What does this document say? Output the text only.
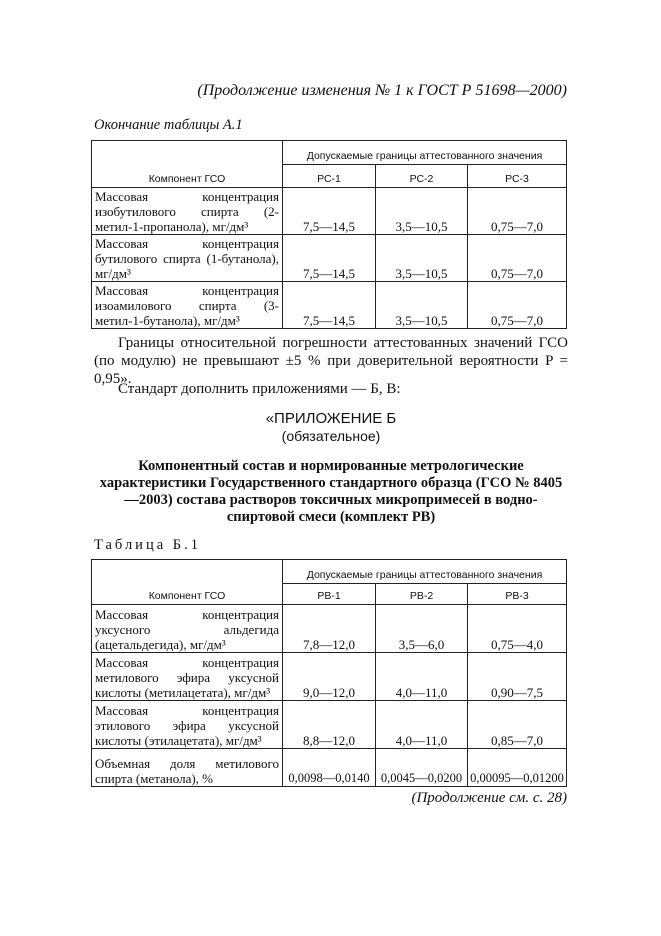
(Продолжение изменения № 1 к ГОСТ Р 51698—2000)
Окончание таблицы А.1
Компонент ГСО	Допускаемые границы аттестованного значения		
	РС-1	РС-2	РС-3
Массовая концентрация изобутилового спирта (2-метил-1-пропанола), мг/дм³	7,5—14,5	3,5—10,5	0,75—7,0
Массовая концентрация бутилового спирта (1-бутанола), мг/дм³	7,5—14,5	3,5—10,5	0,75—7,0
Массовая концентрация изоамилового спирта (3-метил-1-бутанола), мг/дм³	7,5—14,5	3,5—10,5	0,75—7,0
Границы относительной погрешности аттестованных значений ГСО (по модулю) не превышают ±5 % при доверительной вероятности P = 0,95».
Стандарт дополнить приложениями — Б, В:
«ПРИЛОЖЕНИЕ Б
(обязательное)
Компонентный состав и нормированные метрологические характеристики Государственного стандартного образца (ГСО № 8405—2003) состава растворов токсичных микропримесей в водно-спиртовой смеси (комплект РВ)
Таблица Б.1
Компонент ГСО	Допускаемые границы аттестованного значения		
	РВ-1	РВ-2	РВ-3
Массовая концентрация уксусного альдегида (ацетальдегида), мг/дм³	7,8—12,0	3,5—6,0	0,75—4,0
Массовая концентрация метилового эфира уксусной кислоты (метилацетата), мг/дм³	9,0—12,0	4,0—11,0	0,90—7,5
Массовая концентрация этилового эфира уксусной кислоты (этилацетата), мг/дм³	8,8—12,0	4,0—11,0	0,85—7,0
Объемная доля метилового спирта (метанола), %	0,0098—0,0140	0,0045—0,0200	0,00095—0,01200
(Продолжение см. с. 28)
